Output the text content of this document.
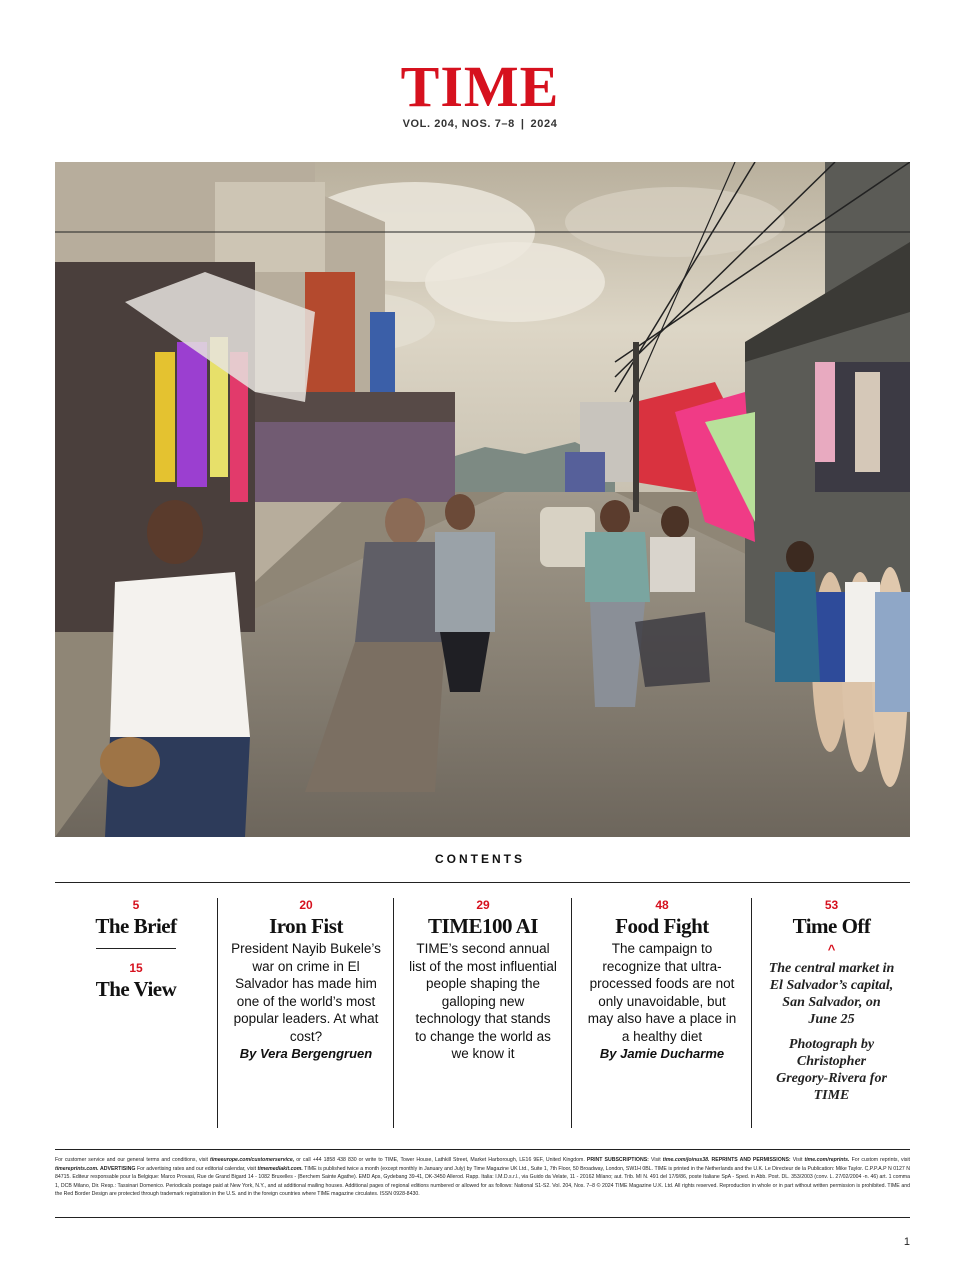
TIME
VOL. 204, NOS. 7–8 | 2024
CONTENTS
5
The Brief
15
The View
20
Iron Fist
President Nayib Bukele’s war on crime in El Salvador has made him one of the world’s most popular leaders. At what cost?
By Vera Bergengruen
29
TIME100 AI
TIME’s second annual list of the most influential people shaping the galloping new technology that stands to change the world as we know it
48
Food Fight
The campaign to recognize that ultra-processed foods are not only unavoidable, but may also have a place in a healthy diet
By Jamie Ducharme
53
Time Off
^
The central market in El Salvador’s capital, San Salvador, on June 25
Photograph by Christopher Gregory-Rivera for TIME
For customer service and our general terms and conditions, visit timeeurope.com/customerservice, or call +44 1858 438 830 or write to TIME, Tower House, Lathkill Street, Market Harborough, LE16 9EF, United Kingdom. PRINT SUBSCRIPTIONS: Visit time.com/joinus38. REPRINTS AND PERMISSIONS: Visit time.com/reprints. For custom reprints, visit timereprints.com. ADVERTISING For advertising rates and our editorial calendar, visit timemediakit.com. TIME is published twice a month (except monthly in January and July) by Time Magazine UK Ltd., Suite 1, 7th Floor, 50 Broadway, London, SW1H 0BL. TIME is printed in the Netherlands and the U.K. Le Directeur de la Publication: Mike Taylor. C.P.P.A.P N 0127 N 84715. Editeur responsable pour la Belgique: Marco Provasi, Rue de Grand Bigard 14 - 1082 Bruxelles - (Berchem Sainte Agathe). EMD Aps, Gydebang 39-41, DK-3450 Allerod. Rapp. Italia: I.M.D.s.r.l., via Guido da Velate, 11 - 20162 Milano; aut. Trib. MI N. 491 del 17/9/86, poste Italiane SpA - Sped. in Abb. Post. DL. 353/2003 (conv. L. 27/02/2004 -n. 46) art. 1 comma 1, DCB Milano, Dir. Resp.: Tassinari Domenico. Periodicals postage paid at New York, N.Y., and at additional mailing houses. Additional pages of regional editions numbered or allowed for as follows: National S1-S2. Vol. 204, Nos. 7–8 © 2024 TIME Magazine U.K. Ltd. All rights reserved. Reproduction in whole or in part without written permission is prohibited. TIME and the Red Border Design are protected through trademark registration in the U.S. and in the foreign countries where TIME magazine circulates. ISSN 0928-8430.
1
